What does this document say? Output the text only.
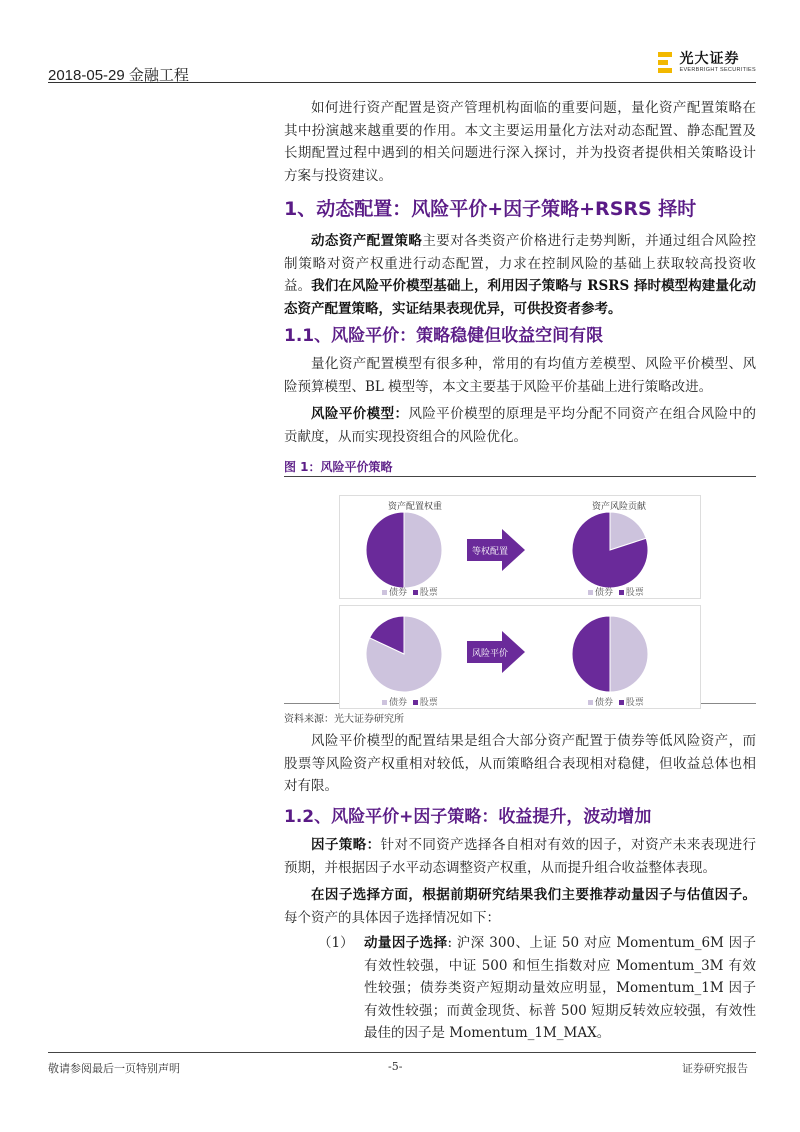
2018-05-29 金融工程
光大证券
EVERBRIGHT SECURITIES

如何进行资产配置是资产管理机构面临的重要问题，量化资产配置策略在其中扮演越来越重要的作用。本文主要运用量化方法对动态配置、静态配置及长期配置过程中遇到的相关问题进行深入探讨，并为投资者提供相关策略设计方案与投资建议。

1、动态配置：风险平价+因子策略+RSRS 择时

动态资产配置策略主要对各类资产价格进行走势判断，并通过组合风险控制策略对资产权重进行动态配置，力求在控制风险的基础上获取较高投资收益。我们在风险平价模型基础上，利用因子策略与 RSRS 择时模型构建量化动态资产配置策略，实证结果表现优异，可供投资者参考。

1.1、风险平价：策略稳健但收益空间有限

量化资产配置模型有很多种，常用的有均值方差模型、风险平价模型、风险预算模型、BL 模型等，本文主要基于风险平价基础上进行策略改进。

风险平价模型：风险平价模型的原理是平均分配不同资产在组合风险中的贡献度，从而实现投资组合的风险优化。

图 1：风险平价策略
资产配置权重	资产风险贡献
等权配置
债券 股票	债券 股票
风险平价
债券 股票	债券 股票
资料来源：光大证券研究所

风险平价模型的配置结果是组合大部分资产配置于债券等低风险资产，而股票等风险资产权重相对较低，从而策略组合表现相对稳健，但收益总体也相对有限。

1.2、风险平价+因子策略：收益提升，波动增加

因子策略：针对不同资产选择各自相对有效的因子，对资产未来表现进行预期，并根据因子水平动态调整资产权重，从而提升组合收益整体表现。

在因子选择方面，根据前期研究结果我们主要推荐动量因子与估值因子。每个资产的具体因子选择情况如下：

（1） 动量因子选择: 沪深 300、上证 50 对应 Momentum_6M 因子有效性较强，中证 500 和恒生指数对应 Momentum_3M 有效性较强；债券类资产短期动量效应明显，Momentum_1M 因子有效性较强；而黄金现货、标普 500 短期反转效应较强，有效性最佳的因子是 Momentum_1M_MAX。
敬请参阅最后一页特别声明	-5-	证券研究报告
